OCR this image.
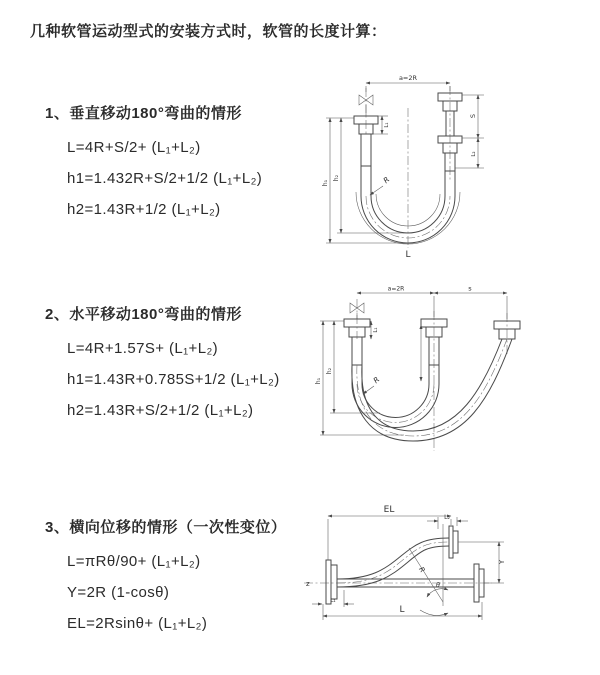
几种软管运动型式的安装方式时，软管的长度计算：
1、垂直移动180°弯曲的情形
L=4R+S/2+ (L₁+L₂)
h1=1.432R+S/2+1/2 (L₁+L₂)
h2=1.43R+1/2 (L₁+L₂)
2、水平移动180°弯曲的情形
L=4R+1.57S+ (L₁+L₂)
h1=1.43R+0.785S+1/2 (L₁+L₂)
h2=1.43R+S/2+1/2 (L₁+L₂)
3、横向位移的情形（一次性变位）
L=πRθ/90+ (L₁+L₂)
Y=2R (1-cosθ)
EL=2Rsinθ+ (L₁+L₂)
a=2R
h₁
h₂
L₁
S
L₂
R
L
a=2R	s
h₁
h₂
L₁
R
EL
L₂
Y
z
R
θ
L
L₁
